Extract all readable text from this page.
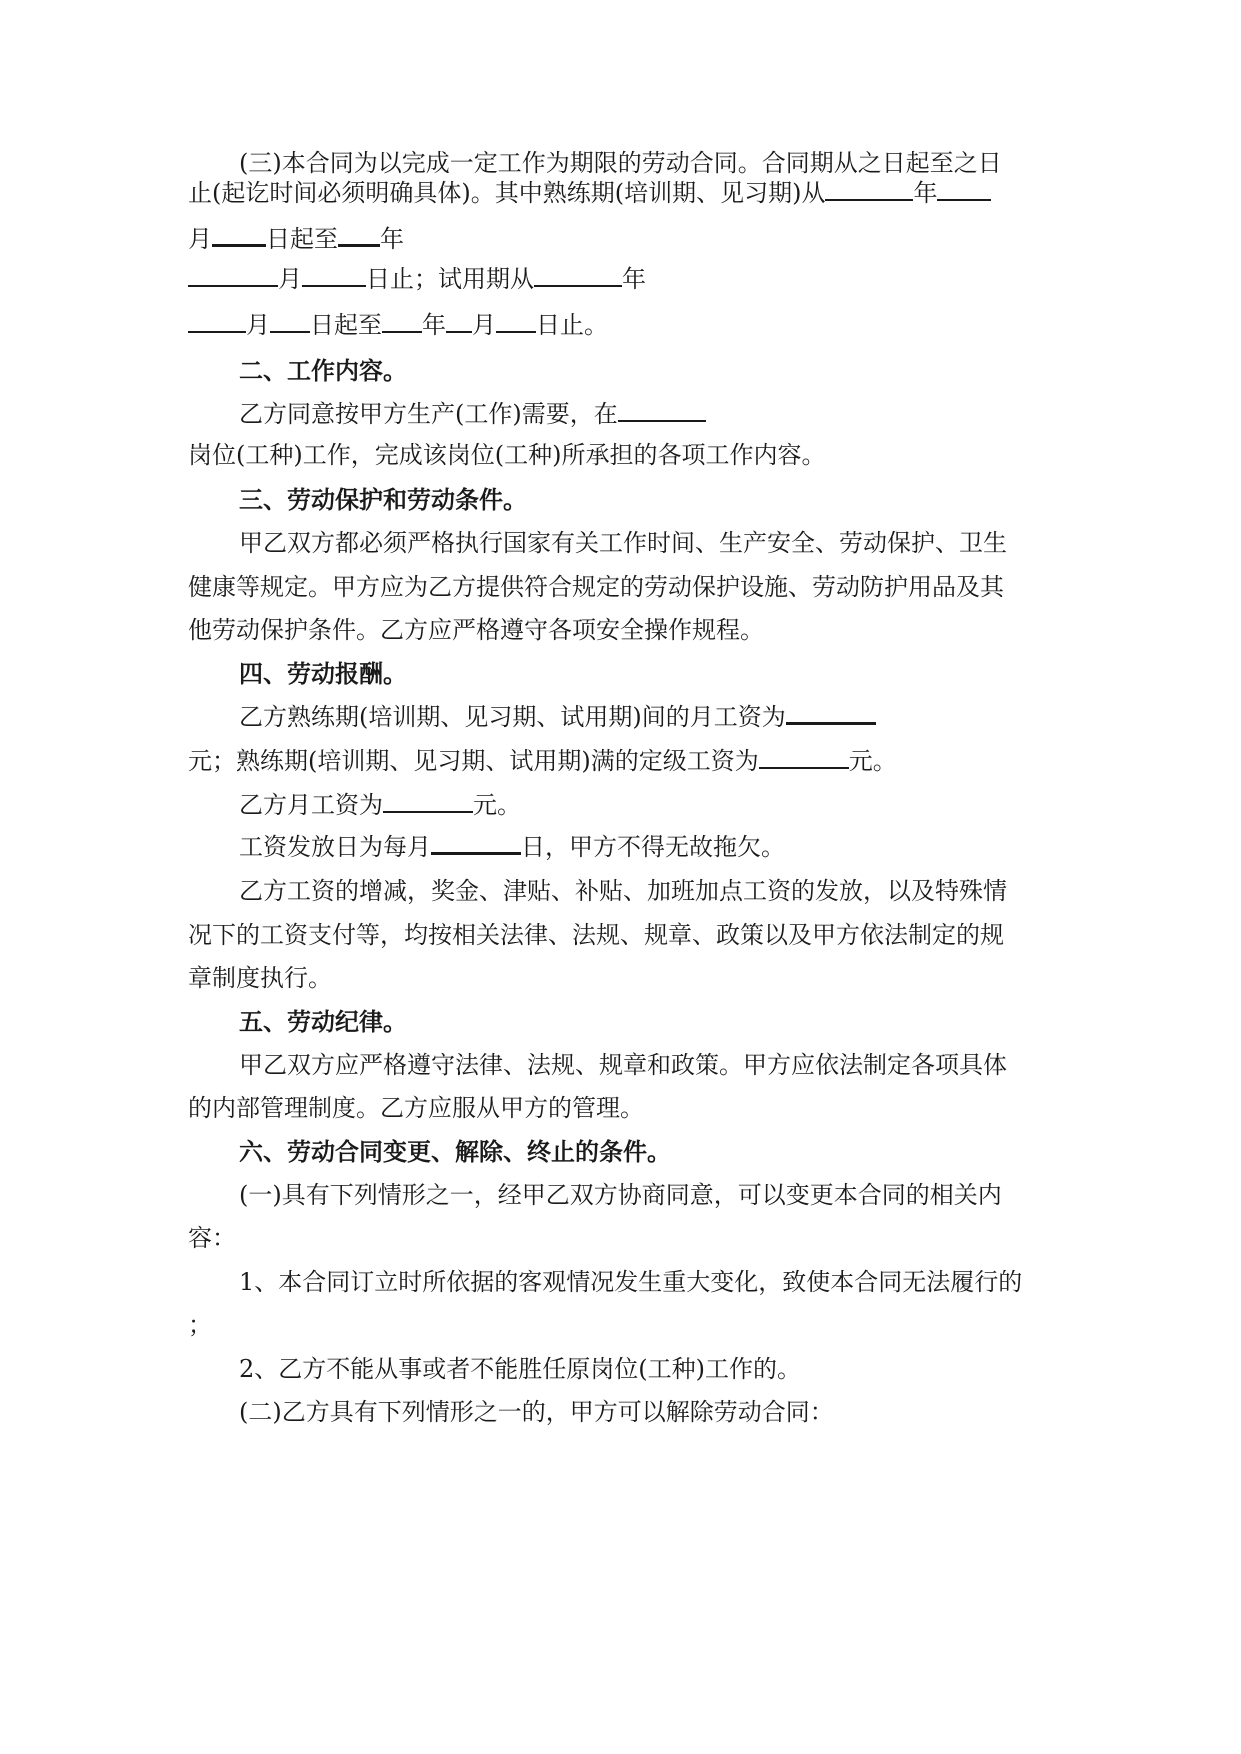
(三)本合同为以完成一定工作为期限的劳动合同。合同期从之日起至之日
止(起讫时间必须明确具体)。其中熟练期(培训期、见习期)从	年
月 日起至 年
月	日止；试用期从	年
月 日起至 年 月 日止。
二、工作内容。
乙方同意按甲方生产(工作)需要，在
岗位(工种)工作，完成该岗位(工种)所承担的各项工作内容。
三、劳动保护和劳动条件。
甲乙双方都必须严格执行国家有关工作时间、生产安全、劳动保护、卫生
健康等规定。甲方应为乙方提供符合规定的劳动保护设施、劳动防护用品及其
他劳动保护条件。乙方应严格遵守各项安全操作规程。
四、劳动报酬。
乙方熟练期(培训期、见习期、试用期)间的月工资为
元；熟练期(培训期、见习期、试用期)满的定级工资为	元。
乙方月工资为	元。
工资发放日为每月	日，甲方不得无故拖欠。
乙方工资的增减，奖金、津贴、补贴、加班加点工资的发放，以及特殊情
况下的工资支付等，均按相关法律、法规、规章、政策以及甲方依法制定的规
章制度执行。
五、劳动纪律。
甲乙双方应严格遵守法律、法规、规章和政策。甲方应依法制定各项具体
的内部管理制度。乙方应服从甲方的管理。
六、劳动合同变更、解除、终止的条件。
(一)具有下列情形之一，经甲乙双方协商同意，可以变更本合同的相关内
容：
1、本合同订立时所依据的客观情况发生重大变化，致使本合同无法履行的
；
2、乙方不能从事或者不能胜任原岗位(工种)工作的。
(二)乙方具有下列情形之一的，甲方可以解除劳动合同：
